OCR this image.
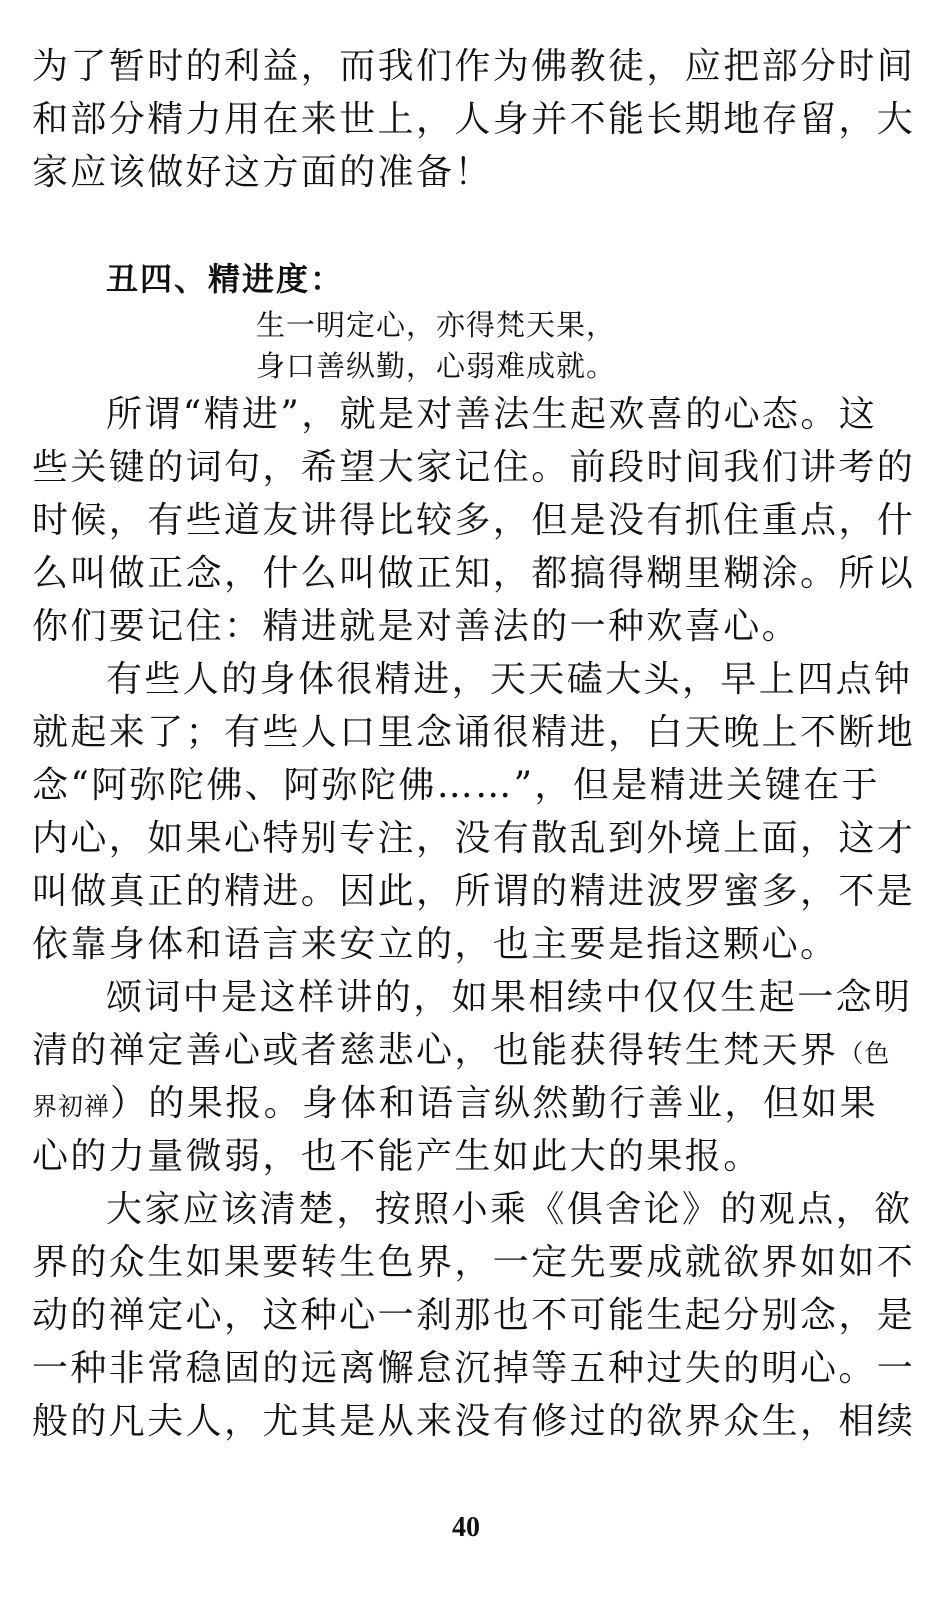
为了暂时的利益，而我们作为佛教徒，应把部分时间
和部分精力用在来世上，人身并不能长期地存留，大
家应该做好这方面的准备！
丑四、精进度：
生一明定心，亦得梵天果，
身口善纵勤，心弱难成就。
所谓“精进”，就是对善法生起欢喜的心态。这
些关键的词句，希望大家记住。前段时间我们讲考的
时候，有些道友讲得比较多，但是没有抓住重点，什
么叫做正念，什么叫做正知，都搞得糊里糊涂。所以
你们要记住：精进就是对善法的一种欢喜心。
有些人的身体很精进，天天磕大头，早上四点钟
就起来了；有些人口里念诵很精进，白天晚上不断地
念“阿弥陀佛、阿弥陀佛……”，但是精进关键在于
内心，如果心特别专注，没有散乱到外境上面，这才
叫做真正的精进。因此，所谓的精进波罗蜜多，不是
依靠身体和语言来安立的，也主要是指这颗心。
颂词中是这样讲的，如果相续中仅仅生起一念明
清的禅定善心或者慈悲心，也能获得转生梵天界（色
界初禅）的果报。身体和语言纵然勤行善业，但如果
心的力量微弱，也不能产生如此大的果报。
大家应该清楚，按照小乘《俱舍论》的观点，欲
界的众生如果要转生色界，一定先要成就欲界如如不
动的禅定心，这种心一刹那也不可能生起分别念，是
一种非常稳固的远离懈怠沉掉等五种过失的明心。一
般的凡夫人，尤其是从来没有修过的欲界众生，相续
40
